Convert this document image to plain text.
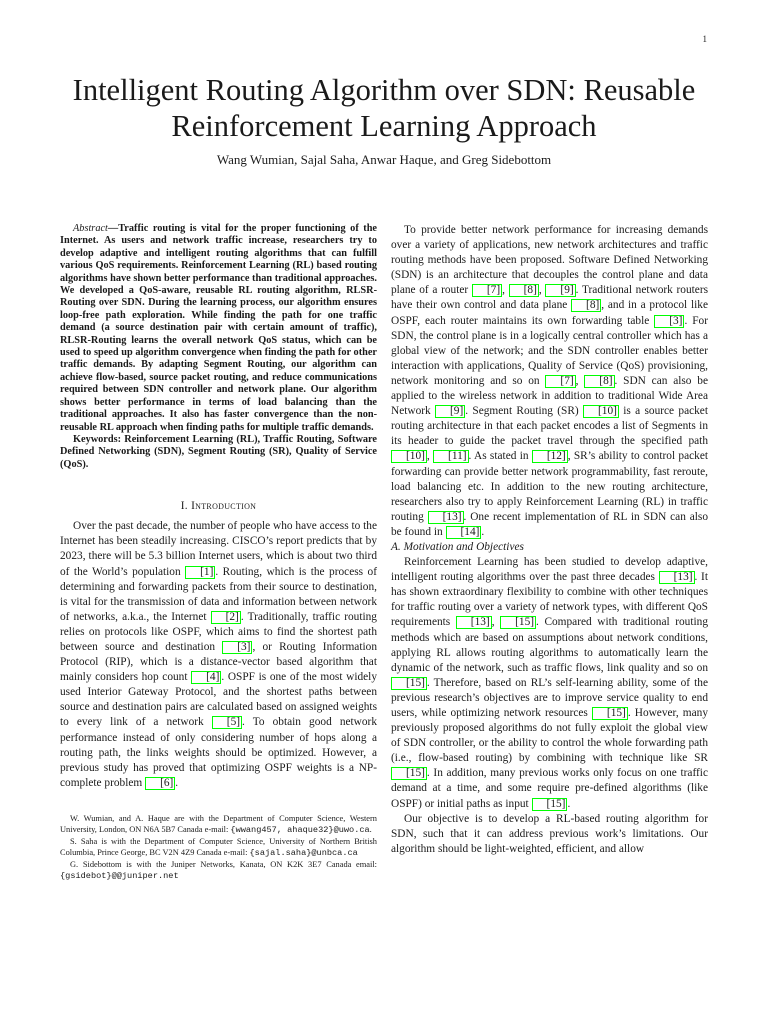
1
Intelligent Routing Algorithm over SDN: Reusable Reinforcement Learning Approach
Wang Wumian, Sajal Saha, Anwar Haque, and Greg Sidebottom

Abstract—Traffic routing is vital for the proper functioning of the Internet. As users and network traffic increase, researchers try to develop adaptive and intelligent routing algorithms that can fulfill various QoS requirements. Reinforcement Learning (RL) based routing algorithms have shown better performance than traditional approaches. We developed a QoS-aware, reusable RL routing algorithm, RLSR-Routing over SDN. During the learning process, our algorithm ensures loop-free path exploration. While finding the path for one traffic demand (a source destination pair with certain amount of traffic), RLSR-Routing learns the overall network QoS status, which can be used to speed up algorithm convergence when finding the path for other traffic demands. By adapting Segment Routing, our algorithm can achieve flow-based, source packet routing, and reduce communications required between SDN controller and network plane. Our algorithm shows better performance in terms of load balancing than the traditional approaches. It also has faster convergence than the non-reusable RL approach when finding paths for multiple traffic demands.

Keywords: Reinforcement Learning (RL), Traffic Routing, Software Defined Networking (SDN), Segment Routing (SR), Quality of Service (QoS).

I. Introduction

Over the past decade, the number of people who have access to the Internet has been steadily increasing. CISCO’s report predicts that by 2023, there will be 5.3 billion Internet users, which is about two third of the World’s population [1] . Routing, which is the process of determining and forwarding packets from their source to destination, is vital for the transmission of data and information between network of networks, a.k.a., the Internet [2] . Traditionally, traffic routing relies on protocols like OSPF, which aims to find the shortest path between source and destination [3] , or Routing Information Protocol (RIP), which is a distance-vector based algorithm that mainly considers hop count [4] . OSPF is one of the most widely used Interior Gateway Protocol, and the shortest paths between source and destination pairs are calculated based on assigned weights to every link of a network [5] . To obtain good network performance instead of only considering number of hops along a routing path, the links weights should be optimized. However, a previous study has proved that optimizing OSPF weights is a NP-complete problem [6] .

W. Wumian, and A. Haque are with the Department of Computer Science, Western University, London, ON N6A 5B7 Canada e-mail: {wwang457, ahaque32}@uwo.ca.

S. Saha is with the Department of Computer Science, University of Northern British Columbia, Prince George, BC V2N 4Z9 Canada e-mail: {sajal.saha}@unbca.ca

G. Sidebottom is with the Juniper Networks, Kanata, ON K2K 3E7 Canada email: {gsidebot}@@juniper.net

To provide better network performance for increasing demands over a variety of applications, new network architectures and traffic routing methods have been proposed. Software Defined Networking (SDN) is an architecture that decouples the control plane and data plane of a router [7] , [8] , [9] . Traditional network routers have their own control and data plane [8] , and in a protocol like OSPF, each router maintains its own forwarding table [3] . For SDN, the control plane is in a logically central controller which has a global view of the network; and the SDN controller enables better interaction with applications, Quality of Service (QoS) provisioning, network monitoring and so on [7] , [8] . SDN can also be applied to the wireless network in addition to traditional Wide Area Network [9] . Segment Routing (SR) [10] is a source packet routing architecture in that each packet encodes a list of Segments in its header to guide the packet travel through the specified path [10] , [11] . As stated in [12] , SR’s ability to control packet forwarding can provide better network programmability, fast reroute, load balancing etc. In addition to the new routing architecture, researchers also try to apply Reinforcement Learning (RL) in traffic routing [13] . One recent implementation of RL in SDN can also be found in [14] .

A. Motivation and Objectives

Reinforcement Learning has been studied to develop adaptive, intelligent routing algorithms over the past three decades [13] . It has shown extraordinary flexibility to combine with other techniques for traffic routing over a variety of network types, with different QoS requirements [13] , [15] . Compared with traditional routing methods which are based on assumptions about network conditions, applying RL allows routing algorithms to automatically learn the dynamic of the network, such as traffic flows, link quality and so on [15] . Therefore, based on RL’s self-learning ability, some of the previous research’s objectives are to improve service quality to end users, while optimizing network resources [15] . However, many previously proposed algorithms do not fully exploit the global view of SDN controller, or the ability to control the whole forwarding path (i.e., flow-based routing) by combining with technique like SR [15] . In addition, many previous works only focus on one traffic demand at a time, and some require pre-defined algorithms (like OSPF) or initial paths as input [15] .

Our objective is to develop a RL-based routing algorithm for SDN, such that it can address previous work’s limitations. Our algorithm should be light-weighted, efficient, and allow
